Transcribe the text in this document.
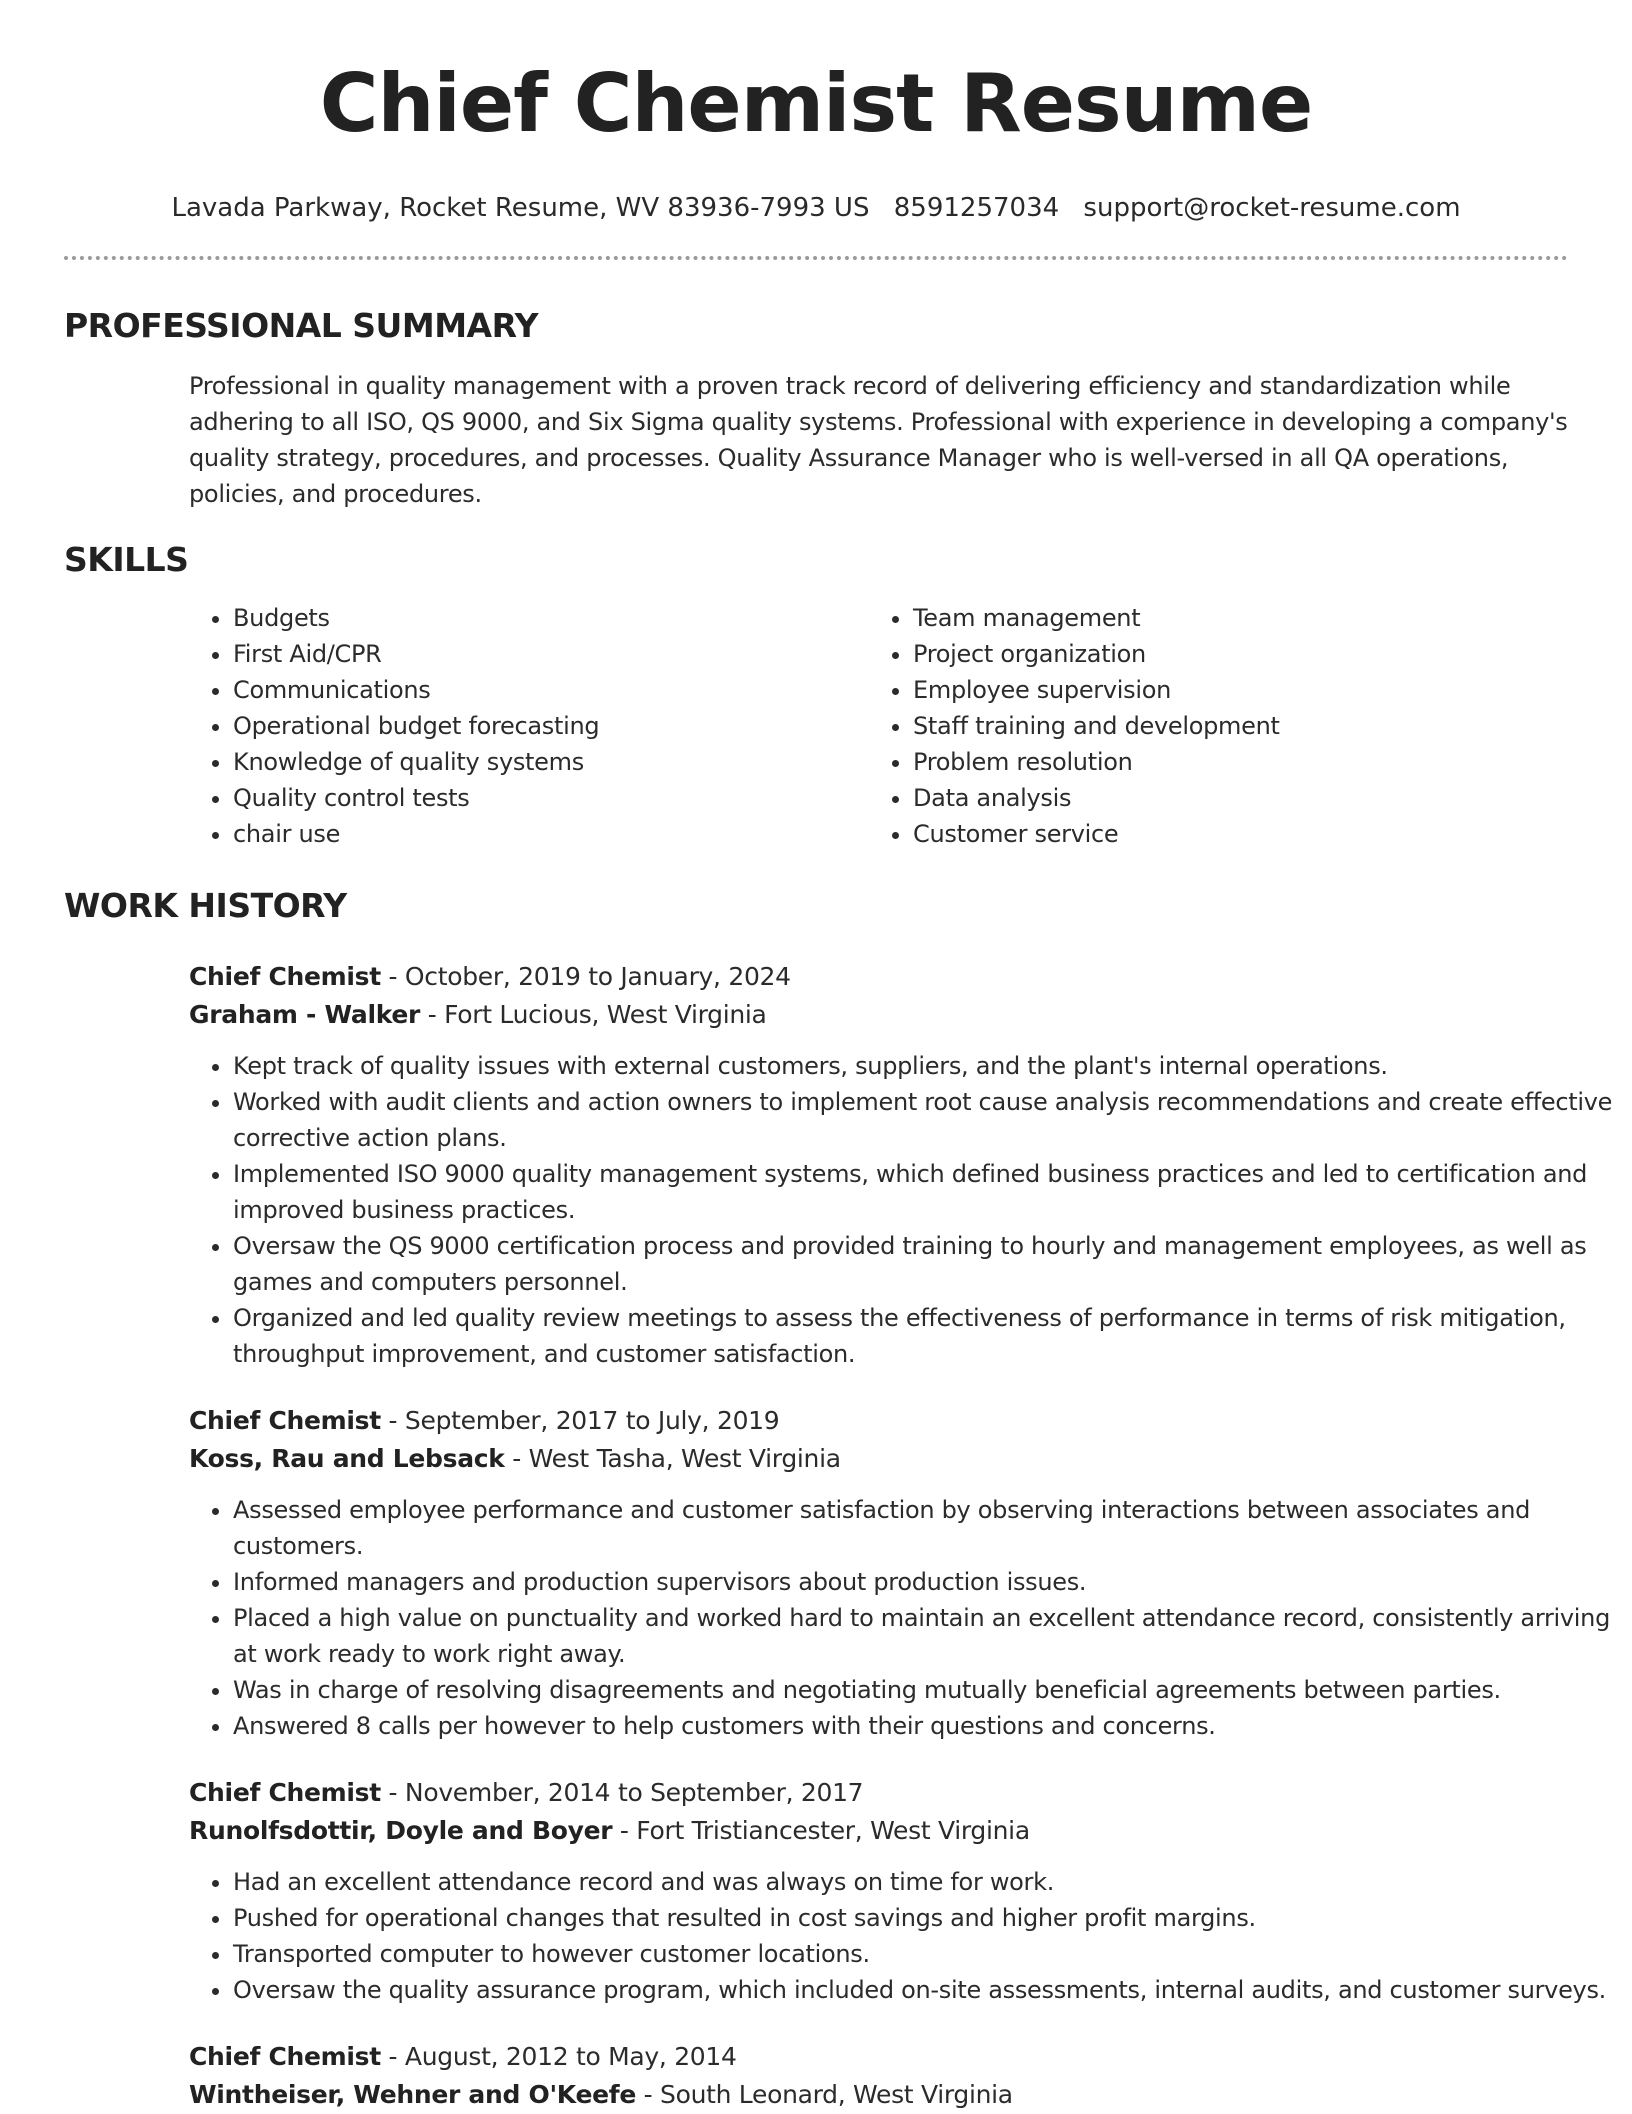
Chief Chemist Resume
Lavada Parkway, Rocket Resume, WV 83936-7993 US 8591257034 support@rocket-resume.com
PROFESSIONAL SUMMARY
Professional in quality management with a proven track record of delivering efficiency and standardization while adhering to all ISO, QS 9000, and Six Sigma quality systems. Professional with experience in developing a company's quality strategy, procedures, and processes. Quality Assurance Manager who is well-versed in all QA operations, policies, and procedures.
SKILLS
• Budgets
• First Aid/CPR
• Communications
• Operational budget forecasting
• Knowledge of quality systems
• Quality control tests
• chair use
• Team management
• Project organization
• Employee supervision
• Staff training and development
• Problem resolution
• Data analysis
• Customer service
WORK HISTORY
Chief Chemist - October, 2019 to January, 2024
Graham - Walker - Fort Lucious, West Virginia
• Kept track of quality issues with external customers, suppliers, and the plant's internal operations.
• Worked with audit clients and action owners to implement root cause analysis recommendations and create effective corrective action plans.
• Implemented ISO 9000 quality management systems, which defined business practices and led to certification and improved business practices.
• Oversaw the QS 9000 certification process and provided training to hourly and management employees, as well as games and computers personnel.
• Organized and led quality review meetings to assess the effectiveness of performance in terms of risk mitigation, throughput improvement, and customer satisfaction.
Chief Chemist - September, 2017 to July, 2019
Koss, Rau and Lebsack - West Tasha, West Virginia
• Assessed employee performance and customer satisfaction by observing interactions between associates and customers.
• Informed managers and production supervisors about production issues.
• Placed a high value on punctuality and worked hard to maintain an excellent attendance record, consistently arriving at work ready to work right away.
• Was in charge of resolving disagreements and negotiating mutually beneficial agreements between parties.
• Answered 8 calls per however to help customers with their questions and concerns.
Chief Chemist - November, 2014 to September, 2017
Runolfsdottir, Doyle and Boyer - Fort Tristiancester, West Virginia
• Had an excellent attendance record and was always on time for work.
• Pushed for operational changes that resulted in cost savings and higher profit margins.
• Transported computer to however customer locations.
• Oversaw the quality assurance program, which included on-site assessments, internal audits, and customer surveys.
Chief Chemist - August, 2012 to May, 2014
Wintheiser, Wehner and O'Keefe - South Leonard, West Virginia
